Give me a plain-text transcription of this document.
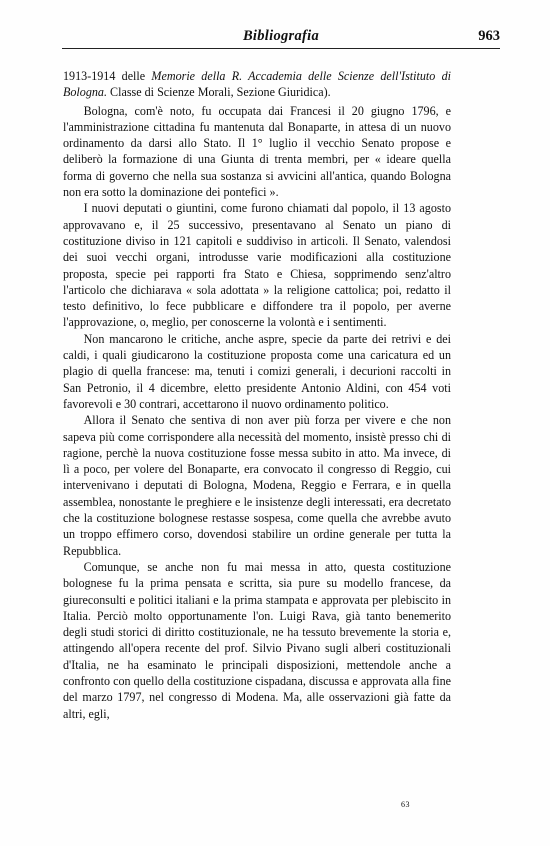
Bibliografia	963

1913-1914 delle Memorie della R. Accademia delle Scienze dell'Istituto di Bologna. Classe di Scienze Morali, Sezione Giuridica).

Bologna, com'è noto, fu occupata dai Francesi il 20 giugno 1796, e l'amministrazione cittadina fu mantenuta dal Bonaparte, in attesa di un nuovo ordinamento da darsi allo Stato. Il 1° luglio il vecchio Senato propose e deliberò la formazione di una Giunta di trenta membri, per « ideare quella forma di governo che nella sua sostanza si avvicini all'antica, quando Bologna non era sotto la dominazione dei pontefici ».

I nuovi deputati o giuntini, come furono chiamati dal popolo, il 13 agosto approvavano e, il 25 successivo, presentavano al Senato un piano di costituzione diviso in 121 capitoli e suddiviso in articoli. Il Senato, valendosi dei suoi vecchi organi, introdusse varie modificazioni alla costituzione proposta, specie pei rapporti fra Stato e Chiesa, sopprimendo senz'altro l'articolo che dichiarava « sola adottata » la religione cattolica; poi, redatto il testo definitivo, lo fece pubblicare e diffondere tra il popolo, per averne l'approvazione, o, meglio, per conoscerne la volontà e i sentimenti.

Non mancarono le critiche, anche aspre, specie da parte dei retrivi e dei caldi, i quali giudicarono la costituzione proposta come una caricatura ed un plagio di quella francese: ma, tenuti i comizi generali, i decurioni raccolti in San Petronio, il 4 dicembre, eletto presidente Antonio Aldini, con 454 voti favorevoli e 30 contrari, accettarono il nuovo ordinamento politico.

Allora il Senato che sentiva di non aver più forza per vivere e che non sapeva più come corrispondere alla necessità del momento, insistè presso chi di ragione, perchè la nuova costituzione fosse messa subito in atto. Ma invece, di lì a poco, per volere del Bonaparte, era convocato il congresso di Reggio, cui intervenivano i deputati di Bologna, Modena, Reggio e Ferrara, e in quella assemblea, nonostante le preghiere e le insistenze degli interessati, era decretato che la costituzione bolognese restasse sospesa, come quella che avrebbe avuto un troppo effimero corso, dovendosi stabilire un ordine generale per tutta la Repubblica.

Comunque, se anche non fu mai messa in atto, questa costituzione bolognese fu la prima pensata e scritta, sia pure su modello francese, da giureconsulti e politici italiani e la prima stampata e approvata per plebiscito in Italia. Perciò molto opportunamente l'on. Luigi Rava, già tanto benemerito degli studi storici di diritto costituzionale, ne ha tessuto brevemente la storia e, attingendo all'opera recente del prof. Silvio Pivano sugli alberi costituzionali d'Italia, ne ha esaminato le principali disposizioni, mettendole anche a confronto con quello della costituzione cispadana, discussa e approvata alla fine del marzo 1797, nel congresso di Modena. Ma, alle osservazioni già fatte da altri, egli,

63
